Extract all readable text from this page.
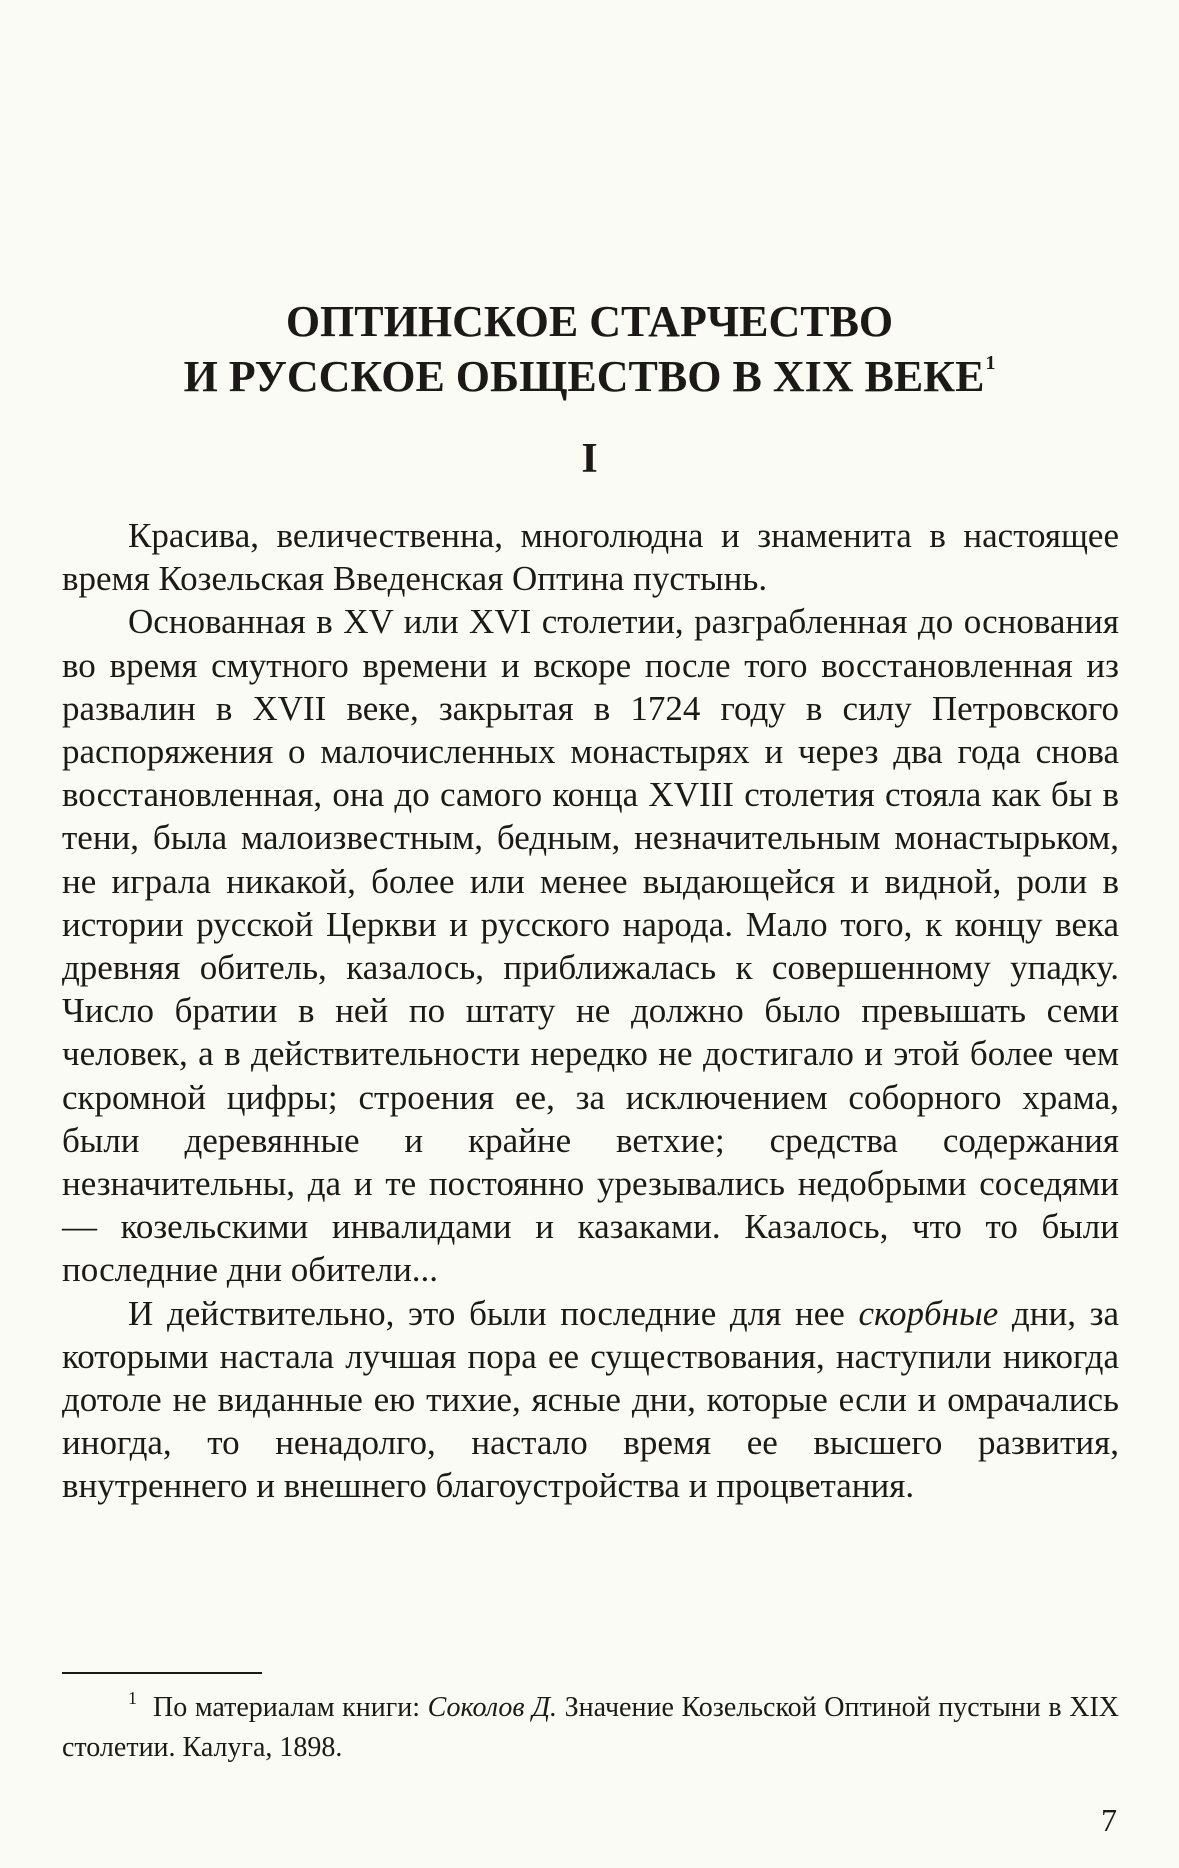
ОПТИНСКОЕ СТАРЧЕСТВО
И РУССКОЕ ОБЩЕСТВО В XIX ВЕКЕ$^1$
I

Красива, величественна, многолюдна и знаменита в настоящее время Козельская Введенская Оптина пустынь.

Основанная в XV или XVI столетии, разграбленная до основания во время смутного времени и вскоре после того восстановленная из развалин в XVII веке, закрытая в 1724 году в силу Петровского распоряжения о малочисленных монастырях и через два года снова восстановленная, она до самого конца XVIII столетия стояла как бы в тени, была малоизвестным, бедным, незначительным монастырьком, не играла никакой, более или менее выдающейся и видной, роли в истории русской Церкви и русского народа. Мало того, к концу века древняя обитель, казалось, приближалась к совершенному упадку. Число братии в ней по штату не должно было превышать семи человек, а в действительности нередко не достигало и этой более чем скромной цифры; строения ее, за исключением соборного храма, были деревянные и крайне ветхие; средства содержания незначительны, да и те постоянно урезывались недобрыми соседями — козельскими инвалидами и казаками. Казалось, что то были последние дни обители...

И действительно, это были последние для нее скорбные дни, за которыми настала лучшая пора ее существования, наступили никогда дотоле не виданные ею тихие, ясные дни, которые если и омрачались иногда, то ненадолго, настало время ее высшего развития, внутреннего и внешнего благоустройства и процветания.

$^1$ По материалам книги: Соколов Д. Значение Козельской Оптиной пустыни в XIX столетии. Калуга, 1898.

7
